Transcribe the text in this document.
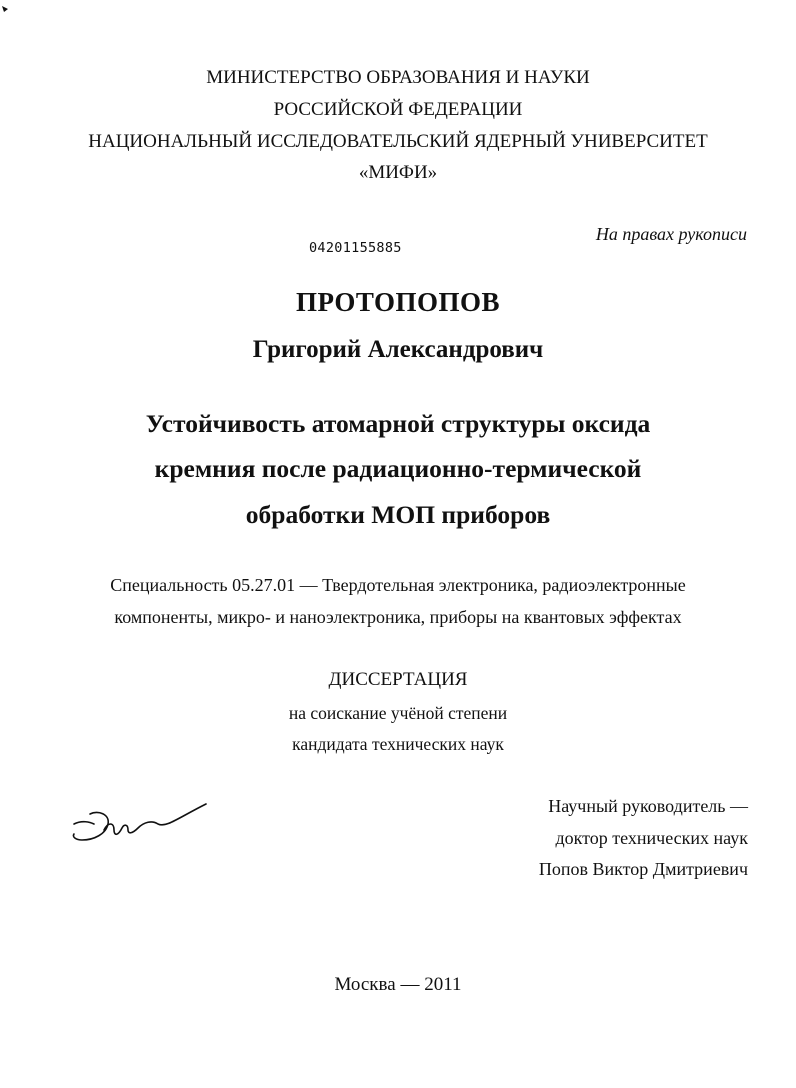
МИНИСТЕРСТВО ОБРАЗОВАНИЯ И НАУКИ
РОССИЙСКОЙ ФЕДЕРАЦИИ
НАЦИОНАЛЬНЫЙ ИССЛЕДОВАТЕЛЬСКИЙ ЯДЕРНЫЙ УНИВЕРСИТЕТ
«МИФИ»
На правах рукописи
04201155885
ПРОТОПОПОВ
Григорий Александрович
Устойчивость атомарной структуры оксида
кремния после радиационно-термической
обработки МОП приборов
Специальность 05.27.01 — Твердотельная электроника, радиоэлектронные
компоненты, микро- и наноэлектроника, приборы на квантовых эффектах
ДИССЕРТАЦИЯ
на соискание учёной степени
кандидата технических наук
Научный руководитель —
доктор технических наук
Попов Виктор Дмитриевич
Москва — 2011
